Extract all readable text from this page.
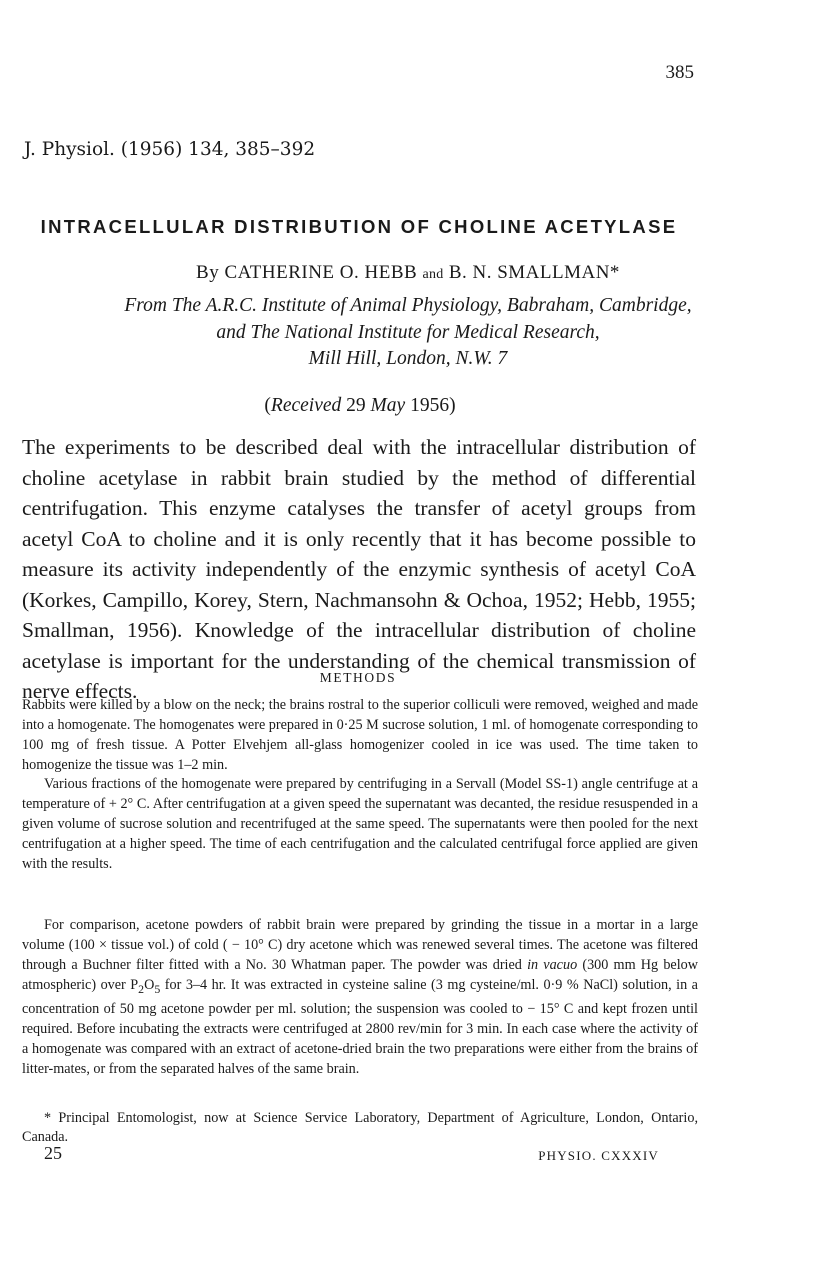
385
J. Physiol. (1956) 134, 385–392
INTRACELLULAR DISTRIBUTION OF CHOLINE ACETYLASE
By CATHERINE O. HEBB and B. N. SMALLMAN*
From The A.R.C. Institute of Animal Physiology, Babraham, Cambridge,
and The National Institute for Medical Research,
Mill Hill, London, N.W. 7
(Received 29 May 1956)

The experiments to be described deal with the intracellular distribution of choline acetylase in rabbit brain studied by the method of differential centrifugation. This enzyme catalyses the transfer of acetyl groups from acetyl CoA to choline and it is only recently that it has become possible to measure its activity independently of the enzymic synthesis of acetyl CoA (Korkes, Campillo, Korey, Stern, Nachmansohn & Ochoa, 1952; Hebb, 1955; Smallman, 1956). Knowledge of the intracellular distribution of choline acetylase is important for the understanding of the chemical transmission of nerve effects.

METHODS

Rabbits were killed by a blow on the neck; the brains rostral to the superior colliculi were removed, weighed and made into a homogenate. The homogenates were prepared in 0·25 M sucrose solution, 1 ml. of homogenate corresponding to 100 mg of fresh tissue. A Potter Elvehjem all-glass homogenizer cooled in ice was used. The time taken to homogenize the tissue was 1–2 min.

Various fractions of the homogenate were prepared by centrifuging in a Servall (Model SS-1) angle centrifuge at a temperature of + 2° C. After centrifugation at a given speed the supernatant was decanted, the residue resuspended in a given volume of sucrose solution and recentrifuged at the same speed. The supernatants were then pooled for the next centrifugation at a higher speed. The time of each centrifugation and the calculated centrifugal force applied are given with the results.

For comparison, acetone powders of rabbit brain were prepared by grinding the tissue in a mortar in a large volume (100 × tissue vol.) of cold ( − 10° C) dry acetone which was renewed several times. The acetone was filtered through a Buchner filter fitted with a No. 30 Whatman paper. The powder was dried in vacuo (300 mm Hg below atmospheric) over $P_2O_5$ for 3–4 hr. It was extracted in cysteine saline (3 mg cysteine/ml. 0·9 % NaCl) solution, in a concentration of 50 mg acetone powder per ml. solution; the suspension was cooled to − 15° C and kept frozen until required. Before incubating the extracts were centrifuged at 2800 rev/min for 3 min. In each case where the activity of a homogenate was compared with an extract of acetone-dried brain the two preparations were either from the brains of litter-mates, or from the separated halves of the same brain.

* Principal Entomologist, now at Science Service Laboratory, Department of Agriculture, London, Ontario, Canada.
25	PHYSIO. CXXXIV
